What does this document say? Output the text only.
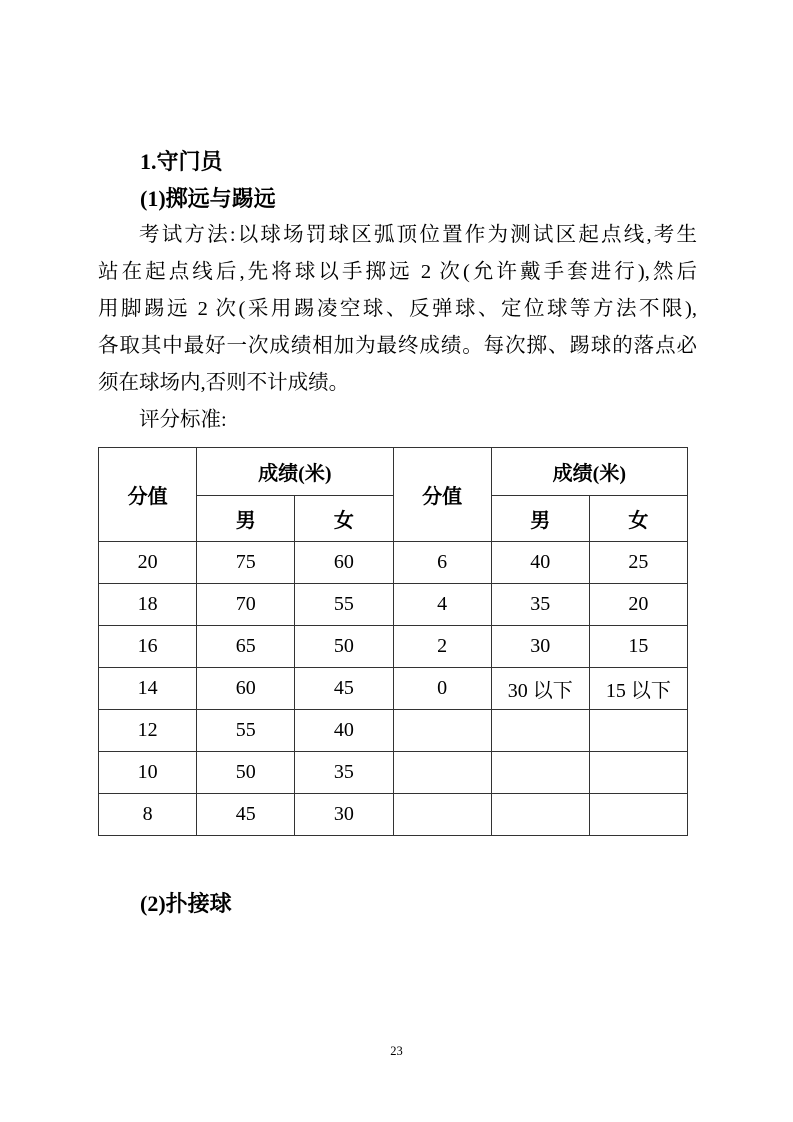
1.守门员
(1)掷远与踢远
考试方法:以球场罚球区弧顶位置作为测试区起点线,考生
站在起点线后,先将球以手掷远 2 次(允许戴手套进行),然后
用脚踢远 2 次(采用踢凌空球、反弹球、定位球等方法不限),
各取其中最好一次成绩相加为最终成绩。每次掷、踢球的落点必
须在球场内,否则不计成绩。
评分标准:
分值	成绩(米)		分值	成绩(米)	
	男	女		男	女
20	75	60	6	40	25
18	70	55	4	35	20
16	65	50	2	30	15
14	60	45	0	30 以下	15 以下
12	55	40			
10	50	35			
8	45	30			
(2)扑接球
23
